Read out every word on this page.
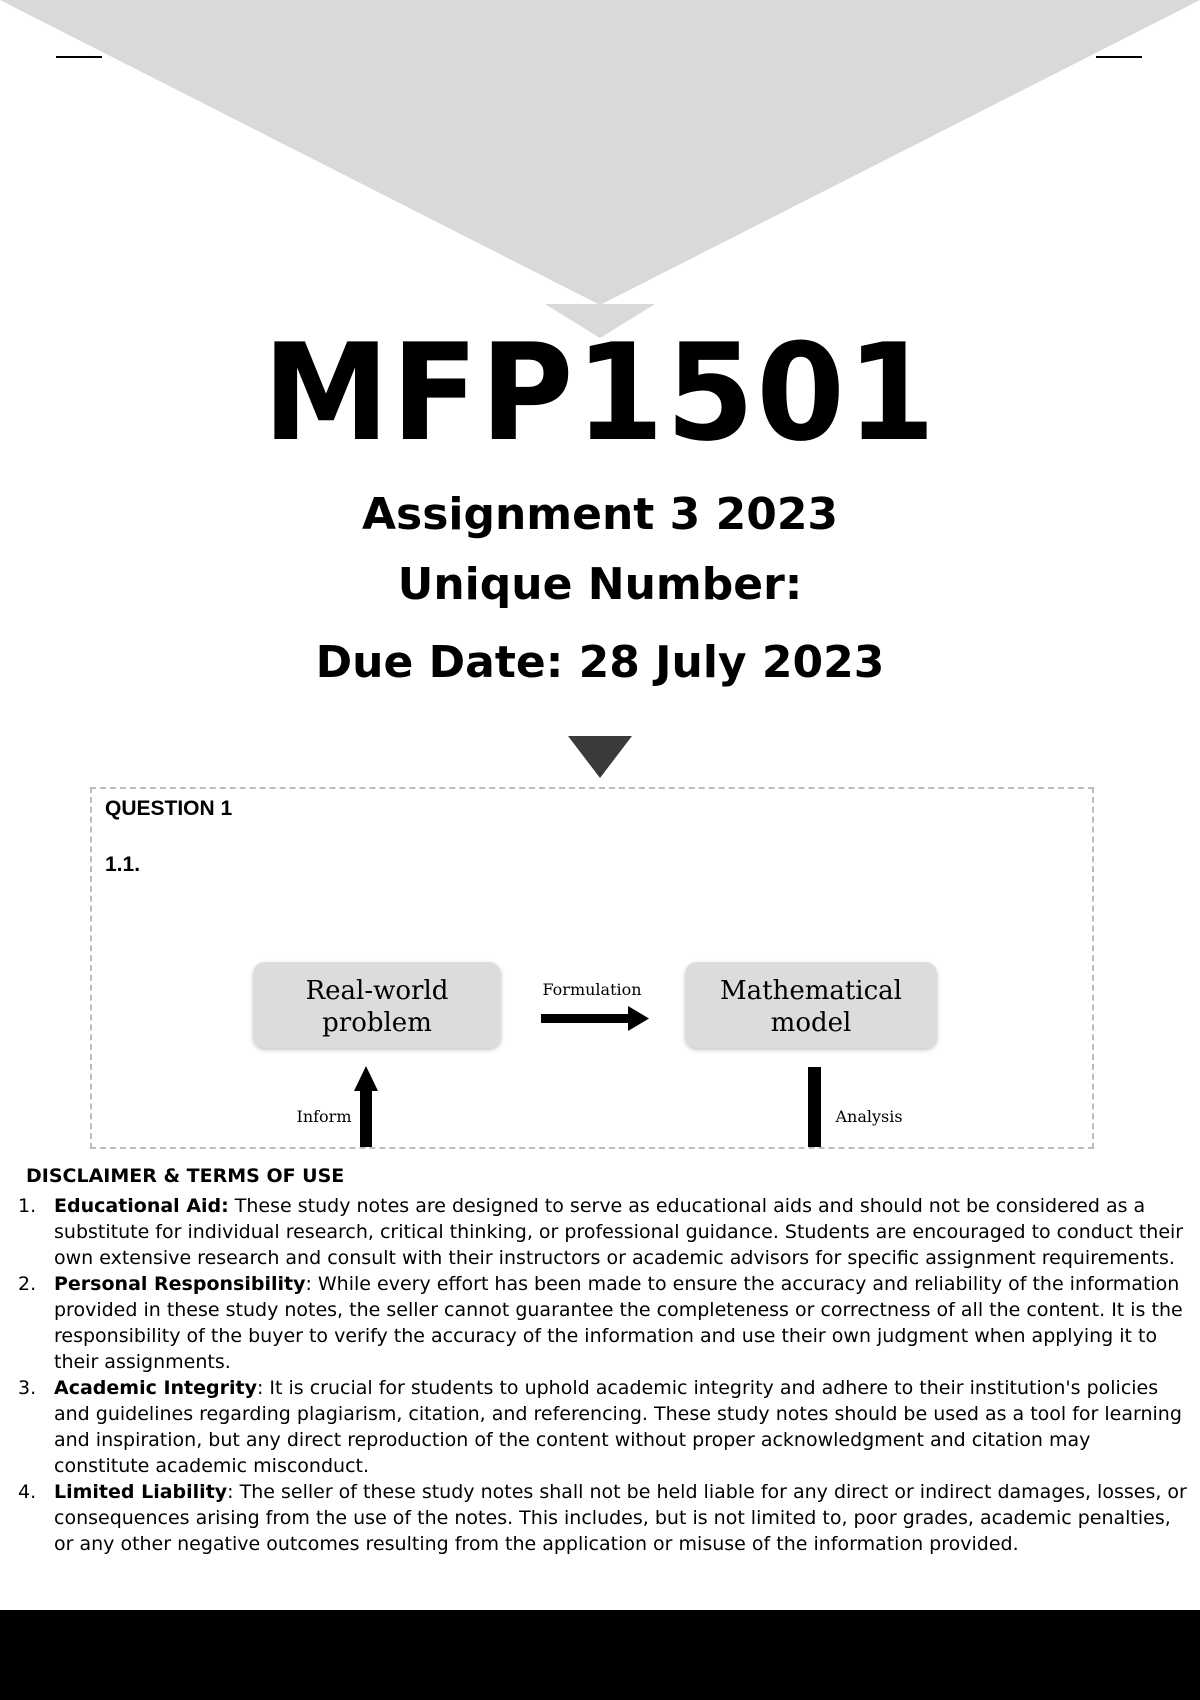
MFP1501

Assignment 3 2023

Unique Number:

Due Date: 28 July 2023

QUESTION 1
1.1.
Real-world
problem
Mathematical
model
Formulation
Inform	Analysis

DISCLAIMER & TERMS OF USE

1. Educational Aid: These study notes are designed to serve as educational aids and should not be considered as a substitute for individual research, critical thinking, or professional guidance. Students are encouraged to conduct their own extensive research and consult with their instructors or academic advisors for specific assignment requirements.
2. Personal Responsibility: While every effort has been made to ensure the accuracy and reliability of the information provided in these study notes, the seller cannot guarantee the completeness or correctness of all the content. It is the responsibility of the buyer to verify the accuracy of the information and use their own judgment when applying it to their assignments.
3. Academic Integrity: It is crucial for students to uphold academic integrity and adhere to their institution's policies and guidelines regarding plagiarism, citation, and referencing. These study notes should be used as a tool for learning and inspiration, but any direct reproduction of the content without proper acknowledgment and citation may constitute academic misconduct.
4. Limited Liability: The seller of these study notes shall not be held liable for any direct or indirect damages, losses, or consequences arising from the use of the notes. This includes, but is not limited to, poor grades, academic penalties, or any other negative outcomes resulting from the application or misuse of the information provided.
